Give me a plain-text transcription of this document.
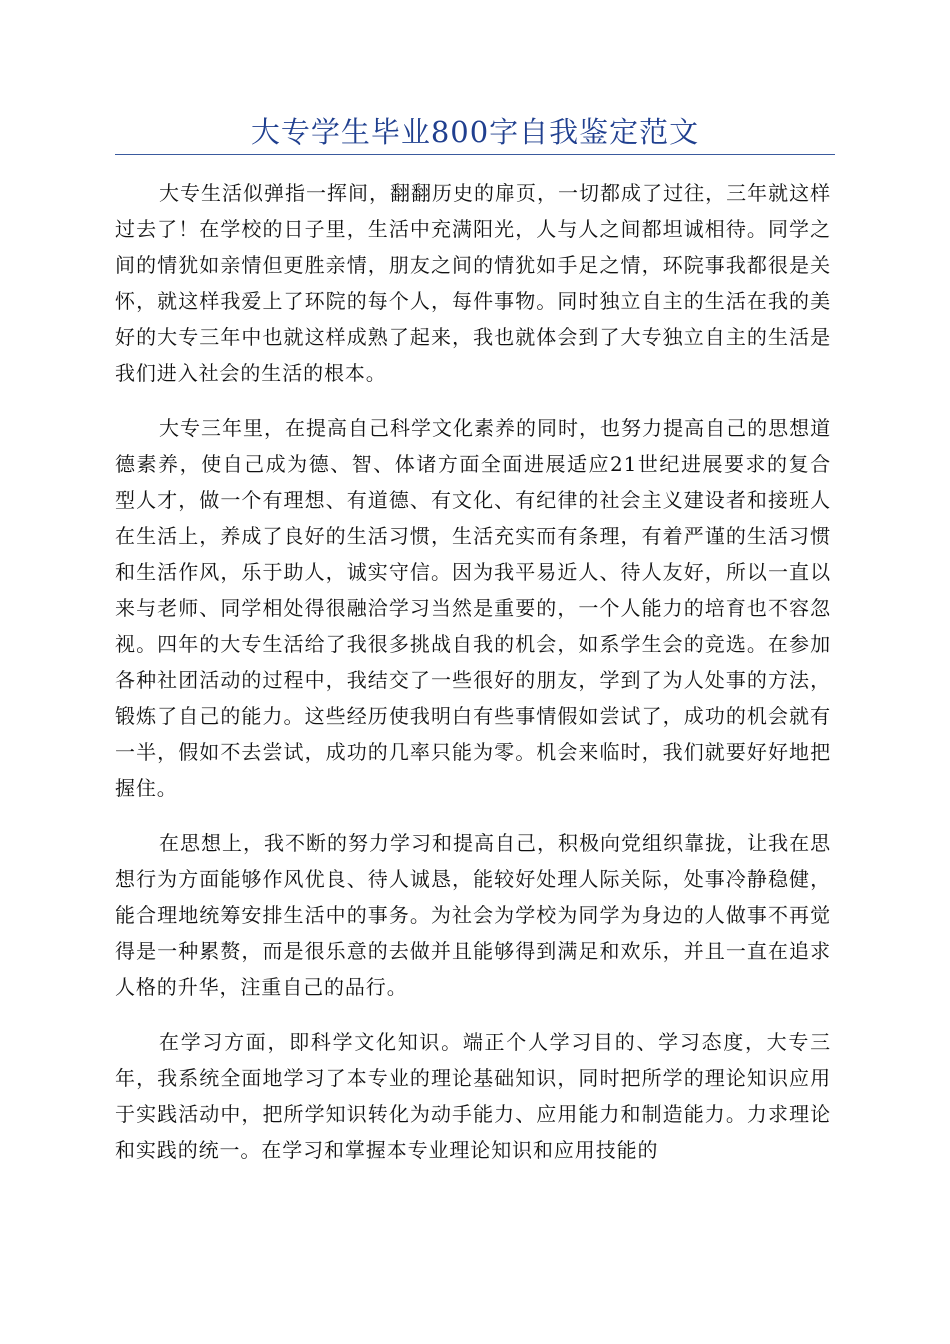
大专学生毕业800字自我鉴定范文

大专生活似弹指一挥间，翻翻历史的扉页，一切都成了过往，三年就这样过去了！在学校的日子里，生活中充满阳光，人与人之间都坦诚相待。同学之间的情犹如亲情但更胜亲情，朋友之间的情犹如手足之情，环院事我都很是关怀，就这样我爱上了环院的每个人，每件事物。同时独立自主的生活在我的美好的大专三年中也就这样成熟了起来，我也就体会到了大专独立自主的生活是我们进入社会的生活的根本。

大专三年里，在提高自己科学文化素养的同时，也努力提高自己的思想道德素养，使自己成为德、智、体诸方面全面进展适应21世纪进展要求的复合型人才，做一个有理想、有道德、有文化、有纪律的社会主义建设者和接班人在生活上，养成了良好的生活习惯，生活充实而有条理，有着严谨的生活习惯和生活作风，乐于助人，诚实守信。因为我平易近人、待人友好，所以一直以来与老师、同学相处得很融洽学习当然是重要的，一个人能力的培育也不容忽视。四年的大专生活给了我很多挑战自我的机会，如系学生会的竞选。在参加各种社团活动的过程中，我结交了一些很好的朋友，学到了为人处事的方法，锻炼了自己的能力。这些经历使我明白有些事情假如尝试了，成功的机会就有一半，假如不去尝试，成功的几率只能为零。机会来临时，我们就要好好地把握住。

在思想上，我不断的努力学习和提高自己，积极向党组织靠拢，让我在思想行为方面能够作风优良、待人诚恳，能较好处理人际关际，处事冷静稳健，能合理地统筹安排生活中的事务。为社会为学校为同学为身边的人做事不再觉得是一种累赘，而是很乐意的去做并且能够得到满足和欢乐，并且一直在追求人格的升华，注重自己的品行。

在学习方面，即科学文化知识。端正个人学习目的、学习态度，大专三年，我系统全面地学习了本专业的理论基础知识，同时把所学的理论知识应用于实践活动中，把所学知识转化为动手能力、应用能力和制造能力。力求理论和实践的统一。在学习和掌握本专业理论知识和应用技能的
